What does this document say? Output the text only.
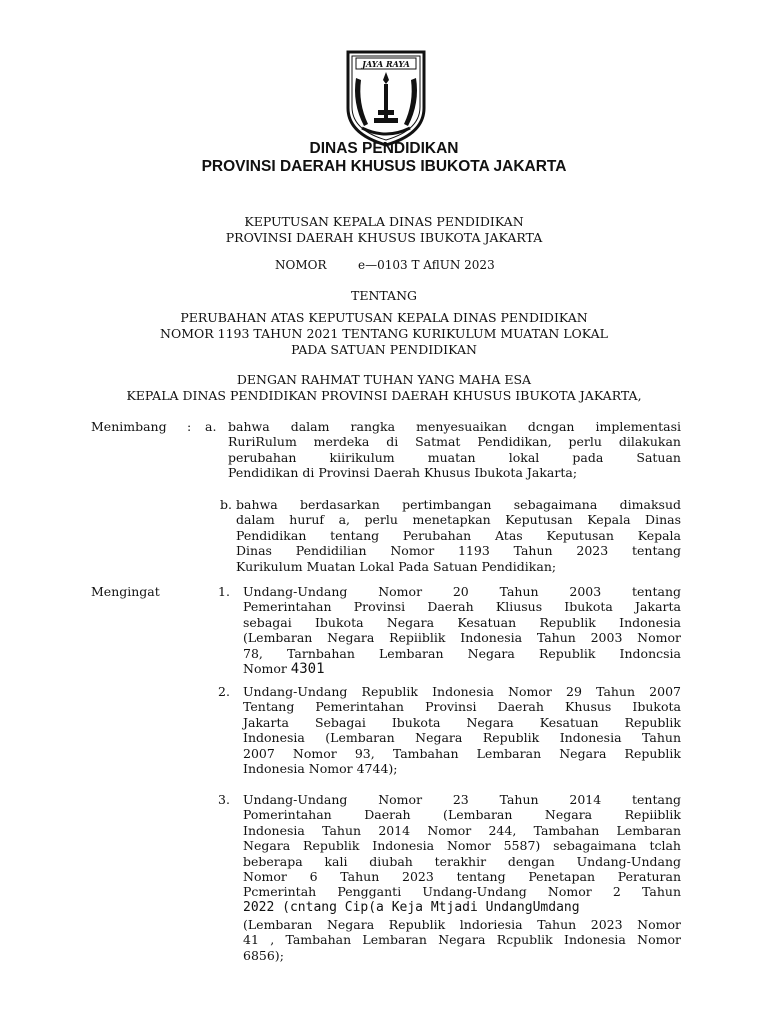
JAYA RAYA
DINAS PENDIDIKAN
PROVINSI DAERAH KHUSUS IBUKOTA JAKARTA
KEPUTUSAN KEPALA DINAS PENDIDIKAN
PROVINSI DAERAH KHUSUS IBUKOTA JAKARTA
NOMOR	e—0103 T AflUN 2023
TENTANG
PERUBAHAN ATAS KEPUTUSAN KEPALA DINAS PENDIDIKAN
NOMOR 1193 TAHUN 2021 TENTANG KURIKULUM MUATAN LOKAL
PADA SATUAN PENDIDIKAN
DENGAN RAHMAT TUHAN YANG MAHA ESA
KEPALA DINAS PENDIDIKAN PROVINSI DAERAH KHUSUS IBUKOTA JAKARTA,
Menimbang : a. bahwa dalam rangka menyesuaikan dcngan implementasi
RuriRulum merdeka di Satmat Pendidikan, perlu dilakukan
perubahan kiirikulum muatan lokal pada Satuan
Pendidikan di Provinsi Daerah Khusus Ibukota Jakarta;
b. bahwa berdasarkan pertimbangan sebagaimana dimaksud
dalam huruf a, perlu menetapkan Keputusan Kepala Dinas
Pendidikan tentang Perubahan Atas Keputusan Kepala
Dinas Pendidilian Nomor 1193 Tahun 2023 tentang
Kurikulum Muatan Lokal Pada Satuan Pendidikan;
Mengingat	1. Undang-Undang Nomor 20 Tahun 2003 tentang
Pemerintahan Provinsi Daerah Kliusus Ibukota Jakarta
sebagai Ibukota Negara Kesatuan Republik Indonesia
(Lembaran Negara Repiiblik Indonesia Tahun 2003 Nomor
78, Tarnbahan Lembaran Negara Republik Indoncsia
Nomor 4301
2. Undang-Undang Republik Indonesia Nomor 29 Tahun 2007
Tentang Pemerintahan Provinsi Daerah Khusus Ibukota
Jakarta Sebagai Ibukota Negara Kesatuan Republik
Indonesia (Lembaran Negara Republik Indonesia Tahun
2007 Nomor 93, Tambahan Lembaran Negara Republik
Indonesia Nomor 4744);
3. Undang-Undang Nomor 23 Tahun 2014 tentang
Pomerintahan Daerah (Lembaran Negara Repiiblik
Indonesia Tahun 2014 Nomor 244, Tambahan Lembaran
Negara Republik Indonesia Nomor 5587) sebagaimana tclah
beberapa kali diubah terakhir dengan Undang-Undang
Nomor 6 Tahun 2023 tentang Penetapan Peraturan
Pcmerintah Pengganti Undang-Undang Nomor 2 Tahun
2022 (cntang Cip(a Keja Mtjadi UndangUmdang
(Lembaran Negara Republik lndoriesia Tahun 2023 Nomor
41 , Tambahan Lembaran Negara Rcpublik Indonesia Nomor
6856);
